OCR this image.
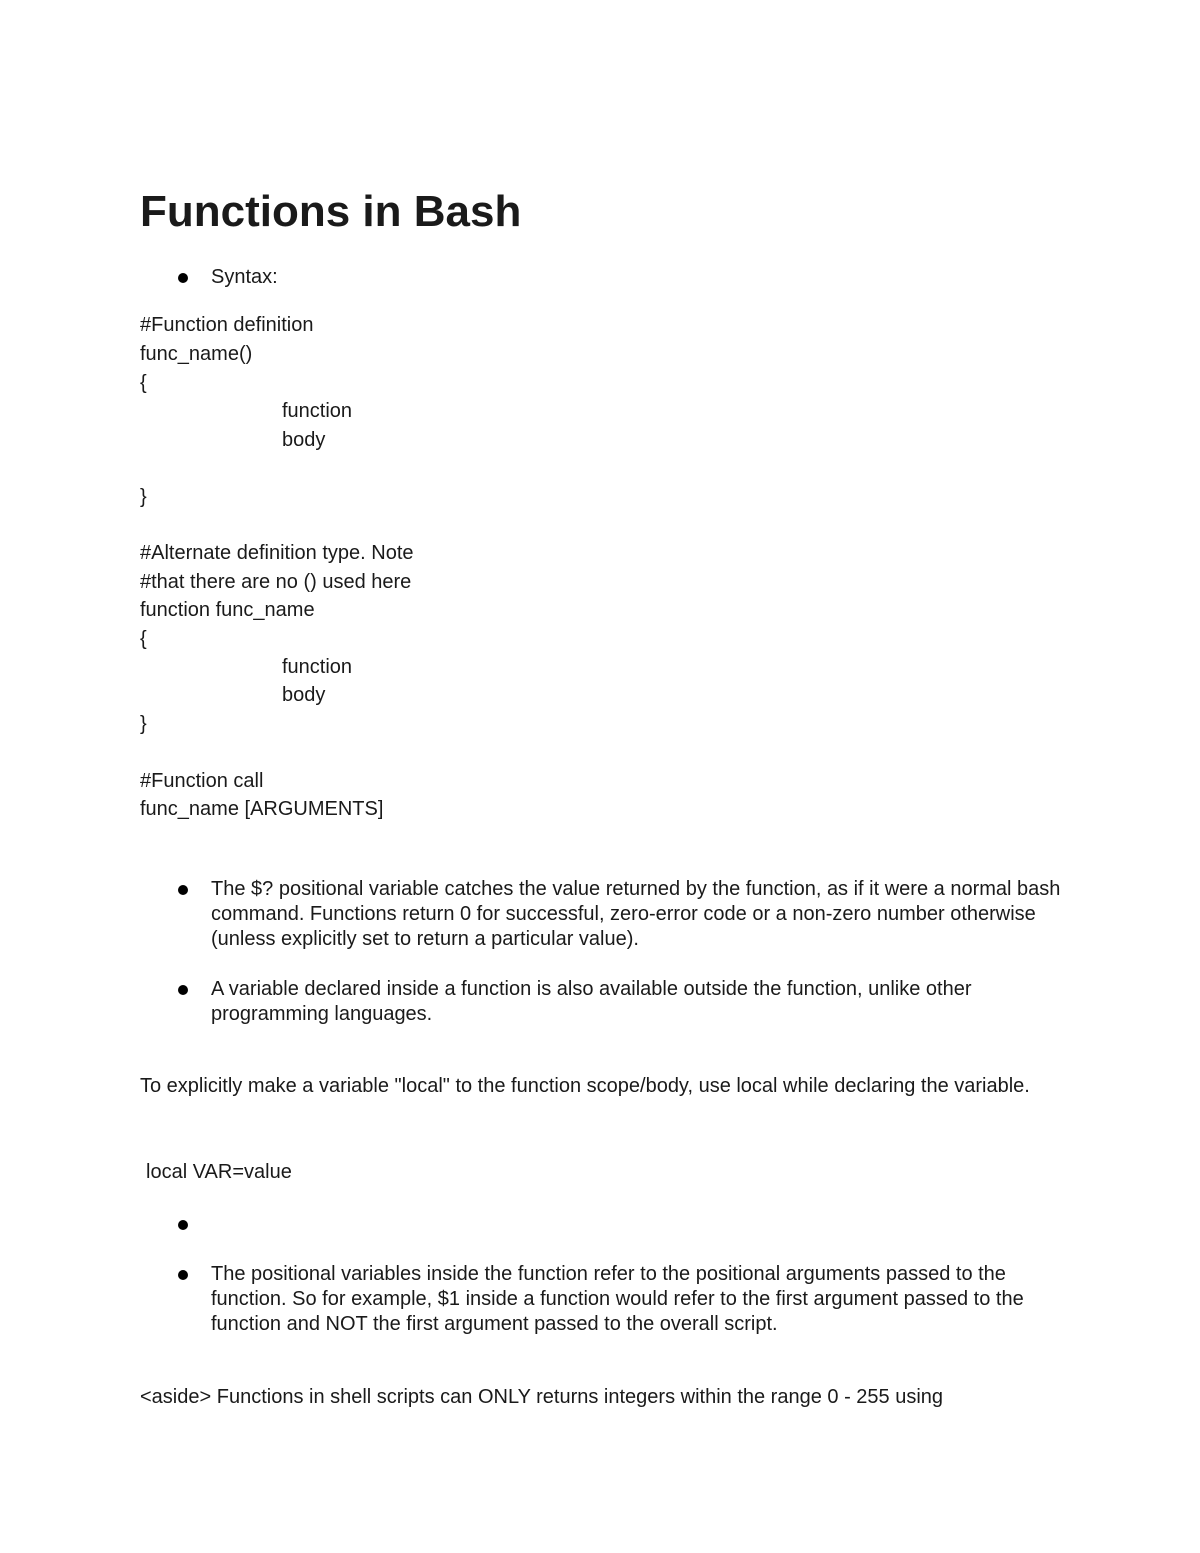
Functions in Bash

Syntax:

#Function definition

func_name()

{

function

body

}

#Alternate definition type. Note

#that there are no () used here

function func_name

{

function

body

}

#Function call

func_name [ARGUMENTS]

The $? positional variable catches the value returned by the function, as if it were a normal bash command. Functions return 0 for successful, zero-error code or a non-zero number otherwise (unless explicitly set to return a particular value).

A variable declared inside a function is also available outside the function, unlike other programming languages.

To explicitly make a variable "local" to the function scope/body, use local while declaring the variable.

local VAR=value

The positional variables inside the function refer to the positional arguments passed to the function. So for example, $1 inside a function would refer to the first argument passed to the function and NOT the first argument passed to the overall script.

<aside> Functions in shell scripts can ONLY returns integers within the range 0 - 255 using
